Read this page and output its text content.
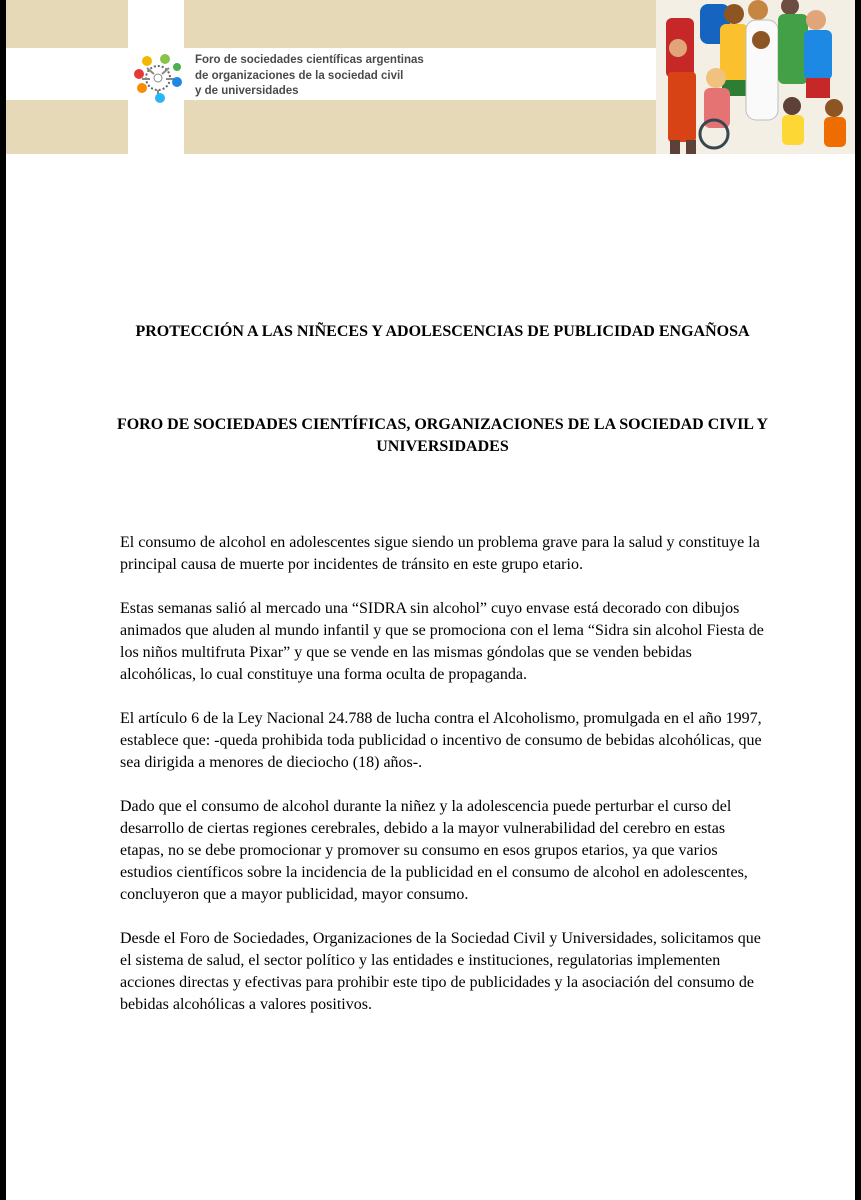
Foro de sociedades científicas argentinas
de organizaciones de la sociedad civil
y de universidades
PROTECCIÓN A LAS NIÑECES Y ADOLESCENCIAS DE PUBLICIDAD ENGAÑOSA
FORO DE SOCIEDADES CIENTÍFICAS, ORGANIZACIONES DE LA SOCIEDAD CIVIL Y UNIVERSIDADES

El consumo de alcohol en adolescentes sigue siendo un problema grave para la salud y constituye la principal causa de muerte por incidentes de tránsito en este grupo etario.

Estas semanas salió al mercado una “SIDRA sin alcohol” cuyo envase está decorado con dibujos animados que aluden al mundo infantil y que se promociona con el lema “Sidra sin alcohol Fiesta de los niños multifruta Pixar” y que se vende en las mismas góndolas que se venden bebidas alcohólicas, lo cual constituye una forma oculta de propaganda.

El artículo 6 de la Ley Nacional 24.788 de lucha contra el Alcoholismo, promulgada en el año 1997, establece que: -queda prohibida toda publicidad o incentivo de consumo de bebidas alcohólicas, que sea dirigida a menores de dieciocho (18) años-.

Dado que el consumo de alcohol durante la niñez y la adolescencia puede perturbar el curso del desarrollo de ciertas regiones cerebrales, debido a la mayor vulnerabilidad del cerebro en estas etapas, no se debe promocionar y promover su consumo en esos grupos etarios, ya que varios estudios científicos sobre la incidencia de la publicidad en el consumo de alcohol en adolescentes, concluyeron que a mayor publicidad, mayor consumo.

Desde el Foro de Sociedades, Organizaciones de la Sociedad Civil y Universidades, solicitamos que el sistema de salud, el sector político y las entidades e instituciones, regulatorias implementen acciones directas y efectivas para prohibir este tipo de publicidades y la asociación del consumo de bebidas alcohólicas a valores positivos.
